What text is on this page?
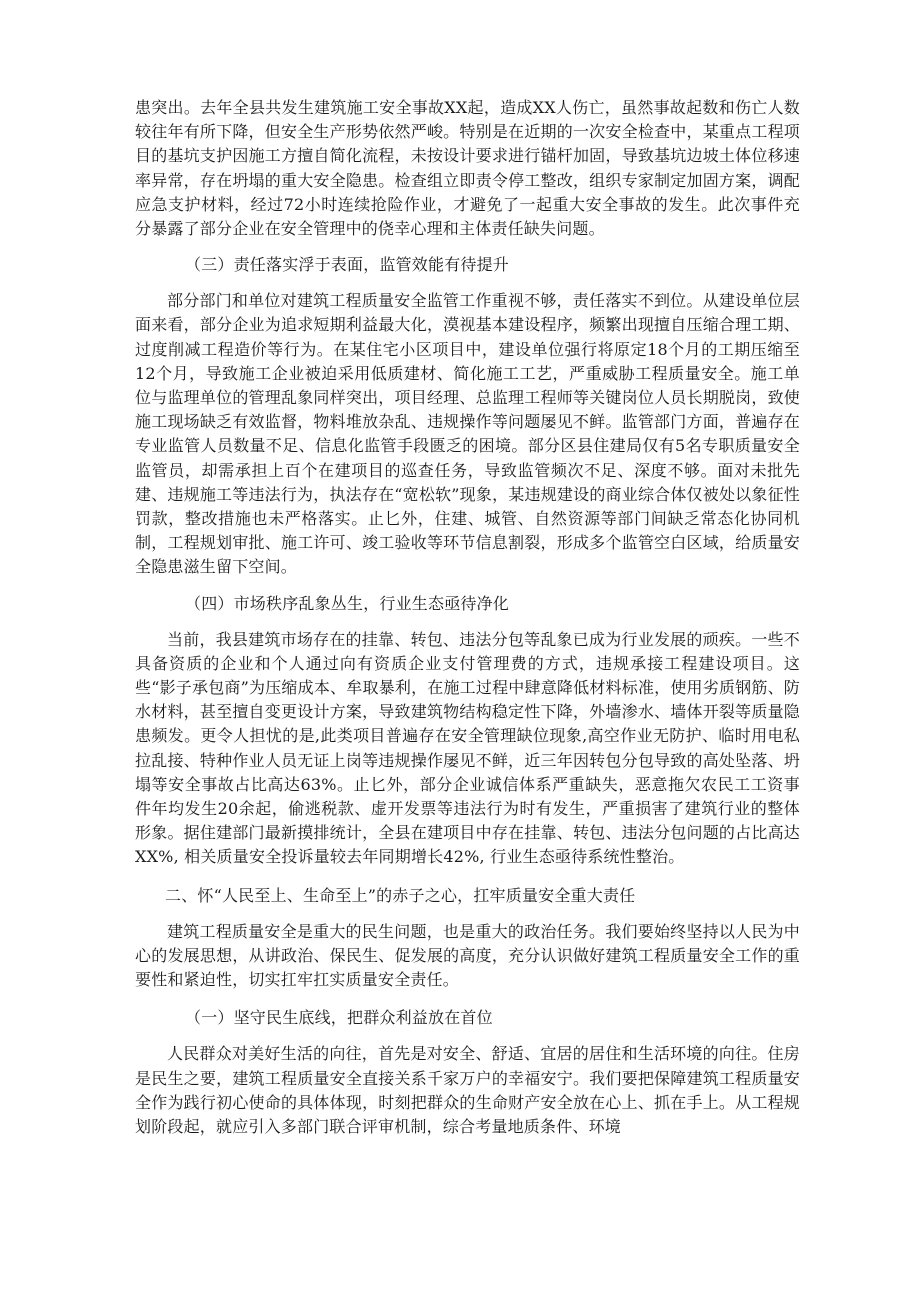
患突出。去年全县共发生建筑施工安全事故XX起，造成XX人伤亡，虽然事故起数和伤亡人数较往年有所下降，但安全生产形势依然严峻。特别是在近期的一次安全检查中，某重点工程项目的基坑支护因施工方擅自简化流程，未按设计要求进行锚杆加固，导致基坑边坡土体位移速率异常，存在坍塌的重大安全隐患。检查组立即责令停工整改，组织专家制定加固方案，调配应急支护材料，经过72小时连续抢险作业，才避免了一起重大安全事故的发生。此次事件充分暴露了部分企业在安全管理中的侥幸心理和主体责任缺失问题。

（三）责任落实浮于表面，监管效能有待提升

部分部门和单位对建筑工程质量安全监管工作重视不够，责任落实不到位。从建设单位层面来看，部分企业为追求短期利益最大化，漠视基本建设程序，频繁出现擅自压缩合理工期、过度削减工程造价等行为。在某住宅小区项目中，建设单位强行将原定18个月的工期压缩至12个月，导致施工企业被迫采用低质建材、简化施工工艺，严重威胁工程质量安全。施工单位与监理单位的管理乱象同样突出，项目经理、总监理工程师等关键岗位人员长期脱岗，致使施工现场缺乏有效监督，物料堆放杂乱、违规操作等问题屡见不鲜。监管部门方面，普遍存在专业监管人员数量不足、信息化监管手段匮乏的困境。部分区县住建局仅有5名专职质量安全监管员，却需承担上百个在建项目的巡查任务，导致监管频次不足、深度不够。面对未批先建、违规施工等违法行为，执法存在“宽松软”现象，某违规建设的商业综合体仅被处以象征性罚款，整改措施也未严格落实。止匕外，住建、城管、自然资源等部门间缺乏常态化协同机制，工程规划审批、施工许可、竣工验收等环节信息割裂，形成多个监管空白区域，给质量安全隐患滋生留下空间。

（四）市场秩序乱象丛生，行业生态亟待净化

当前，我县建筑市场存在的挂靠、转包、违法分包等乱象已成为行业发展的顽疾。一些不具备资质的企业和个人通过向有资质企业支付管理费的方式，违规承接工程建设项目。这些“影子承包商”为压缩成本、牟取暴利，在施工过程中肆意降低材料标准，使用劣质钢筋、防水材料，甚至擅自变更设计方案，导致建筑物结构稳定性下降，外墙渗水、墙体开裂等质量隐患频发。更令人担忧的是,此类项目普遍存在安全管理缺位现象,高空作业无防护、临时用电私拉乱接、特种作业人员无证上岗等违规操作屡见不鲜，近三年因转包分包导致的高处坠落、坍塌等安全事故占比高达63%。止匕外，部分企业诚信体系严重缺失，恶意拖欠农民工工资事件年均发生20余起，偷逃税款、虚开发票等违法行为时有发生，严重损害了建筑行业的整体形象。据住建部门最新摸排统计，全县在建项目中存在挂靠、转包、违法分包问题的占比高达XX%, 相关质量安全投诉量较去年同期增长42%, 行业生态亟待系统性整治。

二、怀“人民至上、生命至上”的赤子之心，扛牢质量安全重大责任

建筑工程质量安全是重大的民生问题，也是重大的政治任务。我们要始终坚持以人民为中心的发展思想，从讲政治、保民生、促发展的高度，充分认识做好建筑工程质量安全工作的重要性和紧迫性，切实扛牢扛实质量安全责任。

（一）坚守民生底线，把群众利益放在首位

人民群众对美好生活的向往，首先是对安全、舒适、宜居的居住和生活环境的向往。住房是民生之要，建筑工程质量安全直接关系千家万户的幸福安宁。我们要把保障建筑工程质量安全作为践行初心使命的具体体现，时刻把群众的生命财产安全放在心上、抓在手上。从工程规划阶段起，就应引入多部门联合评审机制，综合考量地质条件、环境
